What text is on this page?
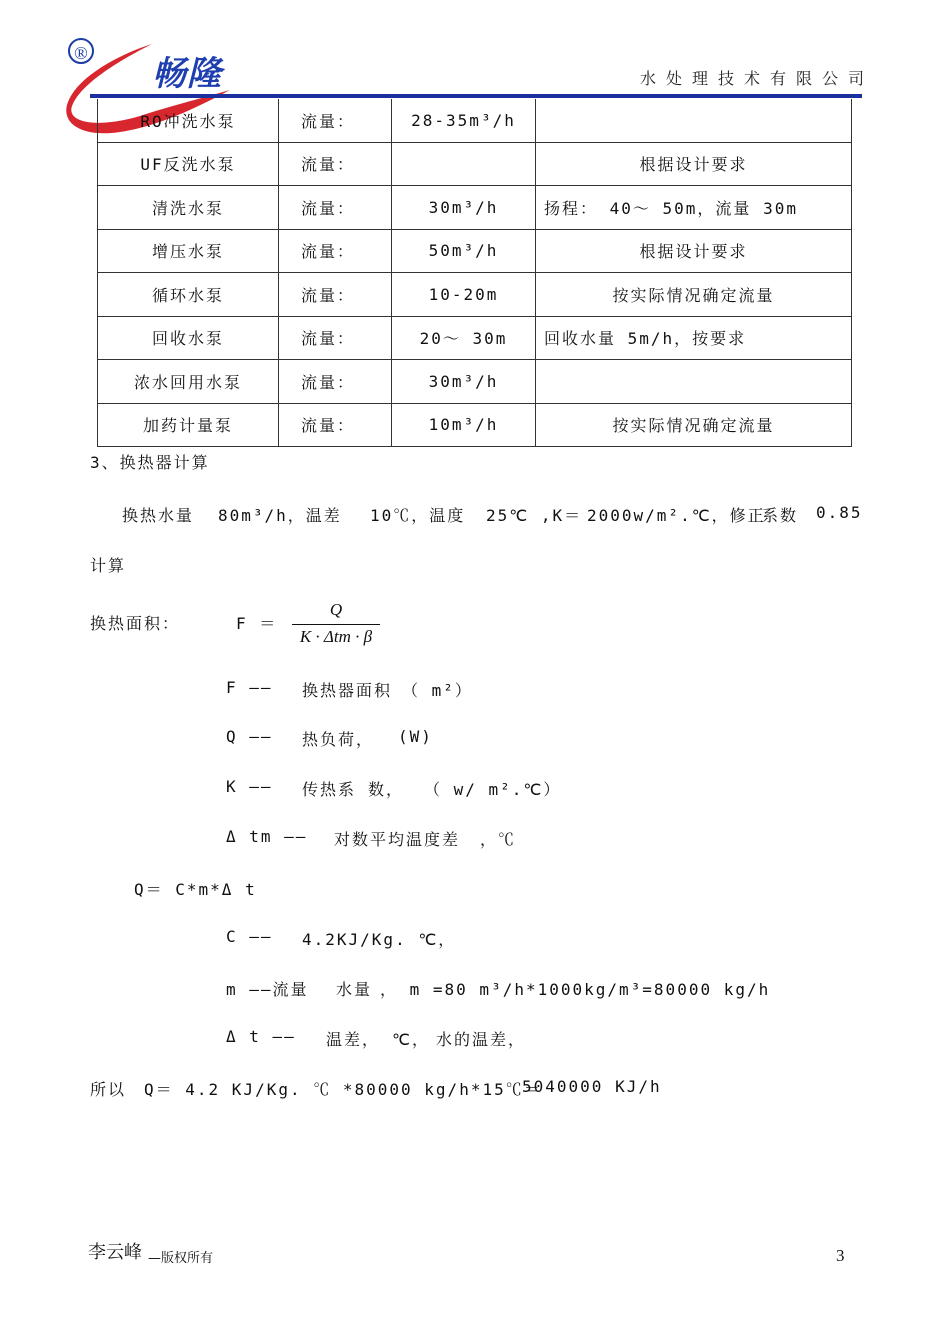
®
畅隆	水处理技术有限公司
RO冲洗水泵	流量：	28-35m³/h	
UF反洗水泵	流量：		根据设计要求
清洗水泵	流量：	30m³/h	扬程： 40～ 50m，流量 30m
增压水泵	流量：	50m³/h	根据设计要求
循环水泵	流量：	10-20m	按实际情况确定流量
回收水泵	流量：	20～ 30m	回收水量 5m/h，按要求
浓水回用水泵	流量：	30m³/h	
加药计量泵	流量：	10m³/h	按实际情况确定流量
3、换热器计算
换热水量 80m³/h，温差 10℃，温度 25℃ ,K＝ 2000w/m².℃，修正
系数 0.85
计算
换热面积：	F ＝
Q
K · Δtm · β
F —— 换热器面积 （ m²）
Q —— 热负荷， (W)
K —— 传热系 数， （ w/ m².℃）
Δ tm —— 对数平均温度差 ，℃
Q＝ C*m*Δ t
C —— 4.2KJ/Kg. ℃，
m ——流量 水量 ， m =80 m³/h*1000kg/m³=80000 kg/h
Δ t —— 温差， ℃， 水的温差，
所以 Q＝ 4.2 KJ/Kg. ℃ *80000 kg/h*15℃＝
5040000 KJ/h
李云峰 —版权所有	3
